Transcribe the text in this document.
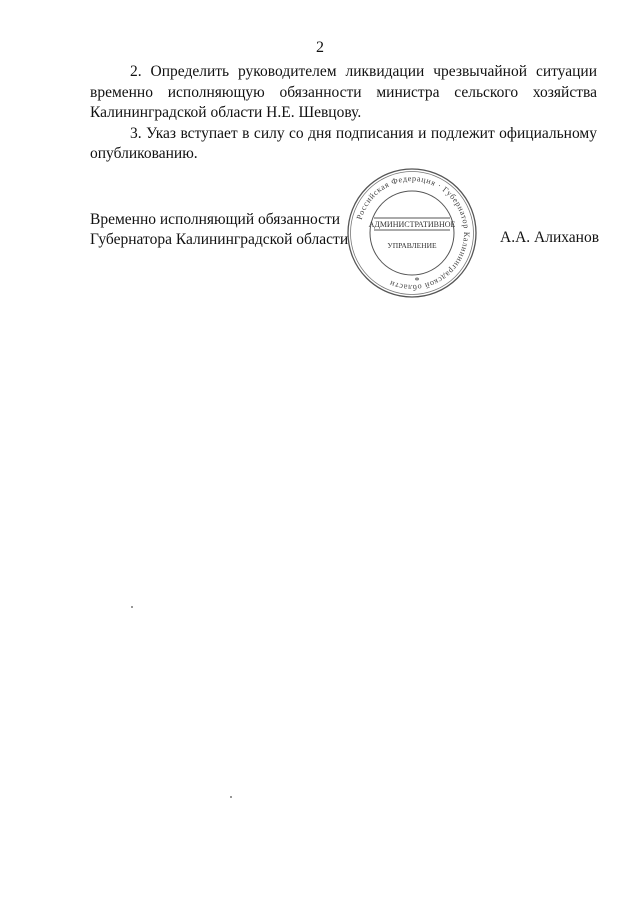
2
2. Определить руководителем ликвидации чрезвычайной ситуации
временно исполняющую обязанности министра сельского хозяйства
Калининградской области Н.Е. Шевцову.
3. Указ вступает в силу со дня подписания и подлежит официальному
опубликованию.
Временно исполняющий обязанности
Губернатора Калининградской области
Российская Федерация · Губернатор Калининградской области
АДМИНИСТРАТИВНОЕ
УПРАВЛЕНИЕ
*
А.А. Алиханов
